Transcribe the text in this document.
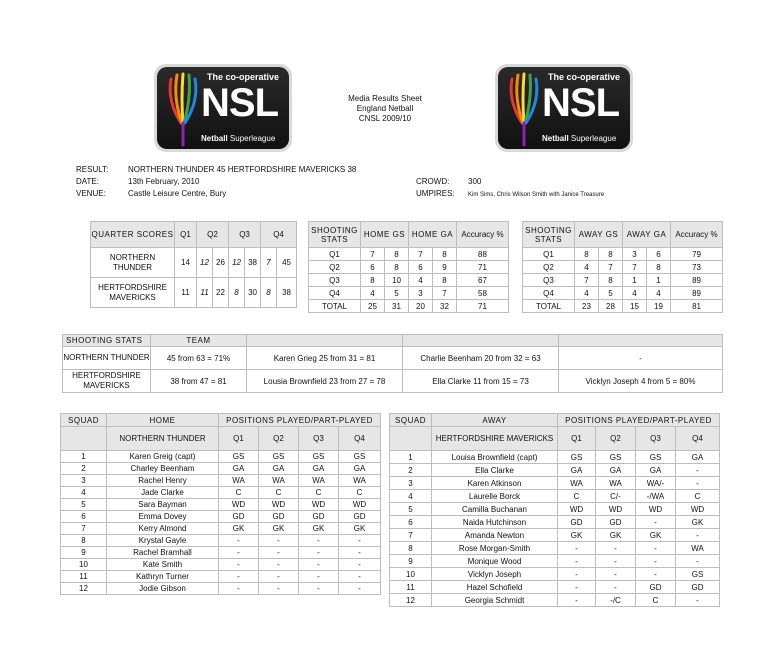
The co-operative
NSL
Netball Superleague
The co-operative
NSL
Netball Superleague
Media Results Sheet
England Netball
CNSL 2009/10
RESULT: NORTHERN THUNDER 45 HERTFORDSHIRE MAVERICKS 38
DATE:	13th February, 2010
VENUE:	Castle Leisure Centre, Bury
CROWD: 300
UMPIRES: Kim Sims, Chris Wilson Smith with Janice Treasure
QUARTER SCORES	Q1	Q2		Q3		Q4	
NORTHERN THUNDER	14	12	26	12	38	7	45
HERTFORDSHIRE MAVERICKS	11	11	22	8	30	8	38
SHOOTING STATS	HOME GS		HOME GA		Accuracy %
Q1	7	8	7	8	88
Q2	6	8	6	9	71
Q3	8	10	4	8	67
Q4	4	5	3	7	58
TOTAL	25	31	20	32	71
SHOOTING STATS	AWAY GS		AWAY GA		Accuracy %
Q1	8	8	3	6	79
Q2	4	7	7	8	73
Q3	7	8	1	1	89
Q4	4	5	4	4	89
TOTAL	23	28	15	19	81
SHOOTING STATS	TEAM			
NORTHERN THUNDER	45 from 63 = 71%	Karen Grieg 25 from 31 = 81	Charlie Beenham 20 from 32 = 63	-
HERTFORDSHIRE MAVERICKS	38 from 47 = 81	Lousia Brownfield 23 from 27 = 78	Ella Clarke 11 from 15 = 73	Vicklyn Joseph 4 from 5 = 80%
SQUAD	HOME	POSITIONS PLAYED/PART-PLAYED			
	NORTHERN THUNDER	Q1	Q2	Q3	Q4
1	Karen Greig (capt)	GS	GS	GS	GS
2	Charley Beenham	GA	GA	GA	GA
3	Rachel Henry	WA	WA	WA	WA
4	Jade Clarke	C	C	C	C
5	Sara Bayman	WD	WD	WD	WD
6	Emma Dovey	GD	GD	GD	GD
7	Kerry Almond	GK	GK	GK	GK
8	Krystal Gayle	-	-	-	-
9	Rachel Bramhall	-	-	-	-
10	Kate Smith	-	-	-	-
11	Kathryn Turner	-	-	-	-
12	Jodie Gibson	-	-	-	-
SQUAD	AWAY	POSITIONS PLAYED/PART-PLAYED			
	HERTFORDSHIRE MAVERICKS	Q1	Q2	Q3	Q4
1	Louisa Brownfield (capt)	GS	GS	GS	GA
2	Ella Clarke	GA	GA	GA	-
3	Karen Atkinson	WA	WA	WA/-	-
4	Laurelle Borck	C	C/-	-/WA	C
5	Camilla Buchanan	WD	WD	WD	WD
6	Naida Hutchinson	GD	GD	-	GK
7	Amanda Newton	GK	GK	GK	-
8	Rose Morgan-Smith	-	-	-	WA
9	Monique Wood	-	-	-	-
10	Vicklyn Joseph	-	-	-	GS
11	Hazel Schofield	-	-	GD	GD
12	Georgia Schmidt	-	-/C	C	-
